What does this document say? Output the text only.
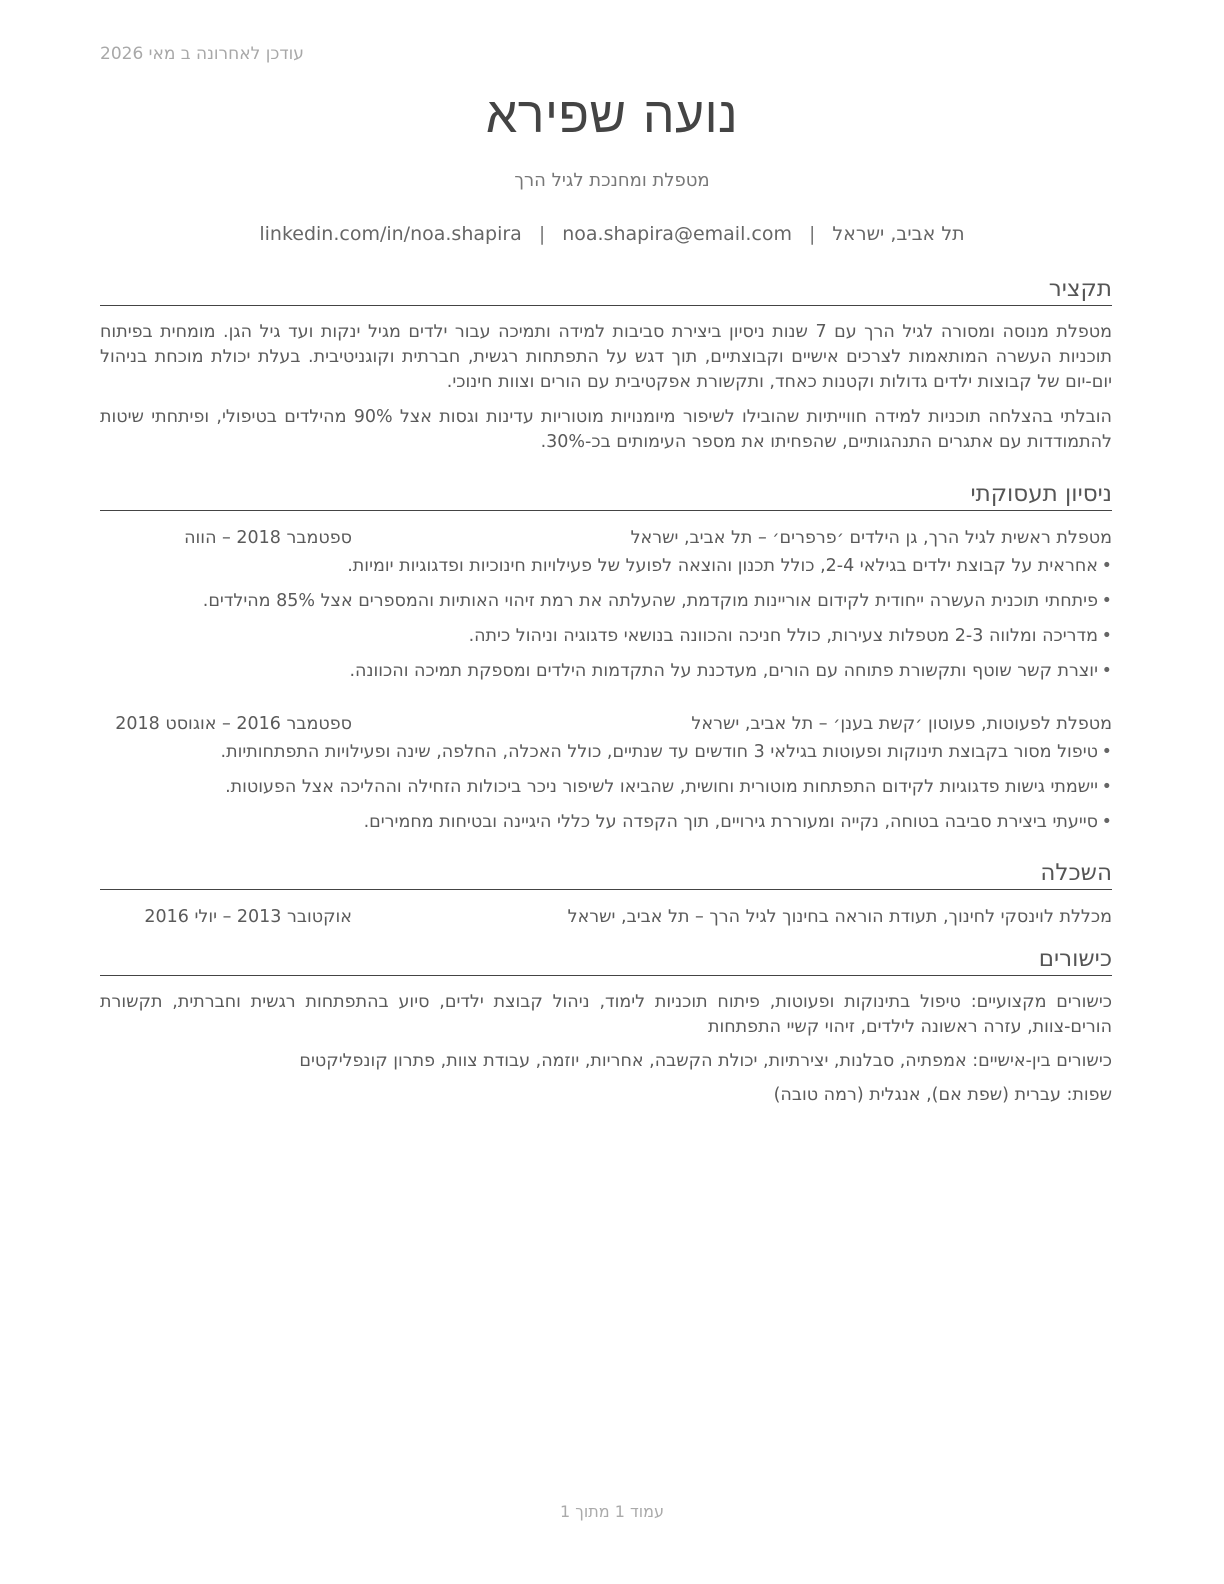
עודכן לאחרונה ב מאי 2026
נועה שפירא
מטפלת ומחנכת לגיל הרך
תל אביב, ישראל|noa.shapira@email.com|linkedin.com/in/noa.shapira
תקציר

מטפלת מנוסה ומסורה לגיל הרך עם 7 שנות ניסיון ביצירת סביבות למידה ותמיכה עבור ילדים מגיל ינקות ועד גיל הגן. מומחית בפיתוח תוכניות העשרה המותאמות לצרכים אישיים וקבוצתיים, תוך דגש על התפתחות רגשית, חברתית וקוגניטיבית. בעלת יכולת מוכחת בניהול יום-יום של קבוצות ילדים גדולות וקטנות כאחד, ותקשורת אפקטיבית עם הורים וצוות חינוכי.

הובלתי בהצלחה תוכניות למידה חווייתיות שהובילו לשיפור מיומנויות מוטוריות עדינות וגסות אצל 90% מהילדים בטיפולי, ופיתחתי שיטות להתמודדות עם אתגרים התנהגותיים, שהפחיתו את מספר העימותים בכ-30%.

ניסיון תעסוקתי
מטפלת ראשית לגיל הרך, גן הילדים ׳פרפרים׳ – תל אביב, ישראל
ספטמבר 2018 – הווה
• אחראית על קבוצת ילדים בגילאי 2-4, כולל תכנון והוצאה לפועל של פעילויות חינוכיות ופדגוגיות יומיות.
• פיתחתי תוכנית העשרה ייחודית לקידום אוריינות מוקדמת, שהעלתה את רמת זיהוי האותיות והמספרים אצל 85% מהילדים.
• מדריכה ומלווה 2-3 מטפלות צעירות, כולל חניכה והכוונה בנושאי פדגוגיה וניהול כיתה.
• יוצרת קשר שוטף ותקשורת פתוחה עם הורים, מעדכנת על התקדמות הילדים ומספקת תמיכה והכוונה.
מטפלת לפעוטות, פעוטון ׳קשת בענן׳ – תל אביב, ישראל
ספטמבר 2016 – אוגוסט 2018
• טיפול מסור בקבוצת תינוקות ופעוטות בגילאי 3 חודשים עד שנתיים, כולל האכלה, החלפה, שינה ופעילויות התפתחותיות.
• יישמתי גישות פדגוגיות לקידום התפתחות מוטורית וחושית, שהביאו לשיפור ניכר ביכולות הזחילה וההליכה אצל הפעוטות.
• סייעתי ביצירת סביבה בטוחה, נקייה ומעוררת גירויים, תוך הקפדה על כללי היגיינה ובטיחות מחמירים.
השכלה
מכללת לוינסקי לחינוך, תעודת הוראה בחינוך לגיל הרך – תל אביב, ישראל
אוקטובר 2013 – יולי 2016
כישורים

כישורים מקצועיים: טיפול בתינוקות ופעוטות, פיתוח תוכניות לימוד, ניהול קבוצת ילדים, סיוע בהתפתחות רגשית וחברתית, תקשורת הורים-צוות, עזרה ראשונה לילדים, זיהוי קשיי התפתחות

כישורים בין-אישיים: אמפתיה, סבלנות, יצירתיות, יכולת הקשבה, אחריות, יוזמה, עבודת צוות, פתרון קונפליקטים

שפות: עברית (שפת אם), אנגלית (רמה טובה)

עמוד 1 מתוך 1
